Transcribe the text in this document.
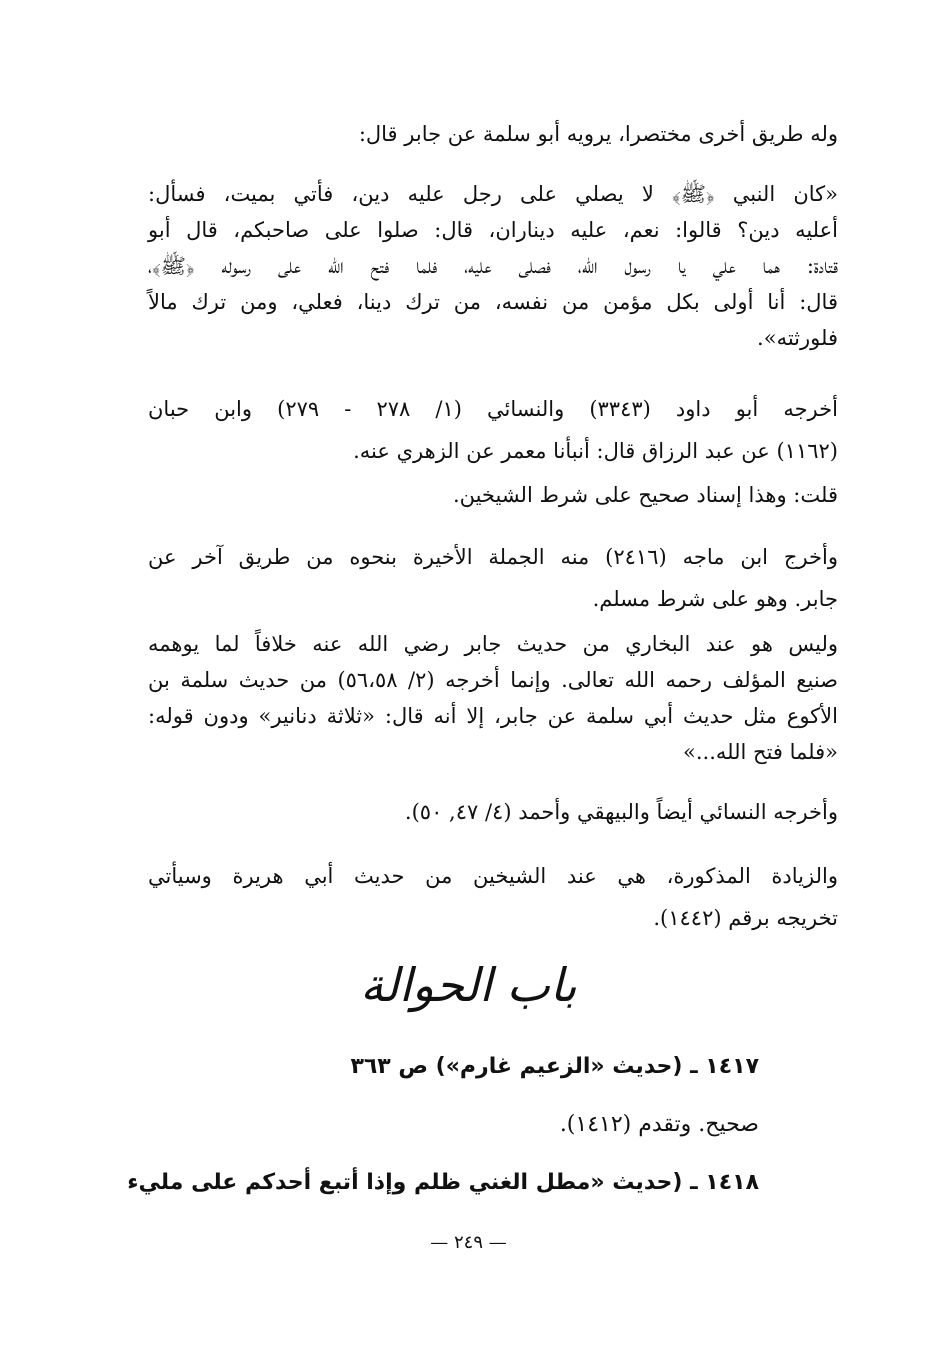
وله طريق أخرى مختصرا، يرويه أبو سلمة عن جابر قال:
«كان النبي ﴿ﷺ﴾ لا يصلي على رجل عليه دين، فأتي بميت، فسأل:
أعليه دين؟ قالوا: نعم، عليه ديناران، قال: صلوا على صاحبكم، قال أبو
قتادة: هما علي يا رسول الله، فصلى عليه، فلما فتح الله على رسوله ﴿ﷺ﴾،
قال: أنا أولى بكل مؤمن من نفسه، من ترك دينا، فعلي، ومن ترك مالاً
فلورثته».
أخرجه أبو داود (٣٣٤٣) والنسائي (١/ ٢٧٨ - ٢٧٩) وابن حبان
(١١٦٢) عن عبد الرزاق قال: أنبأنا معمر عن الزهري عنه.
قلت: وهذا إسناد صحيح على شرط الشيخين.
وأخرج ابن ماجه (٢٤١٦) منه الجملة الأخيرة بنحوه من طريق آخر عن
جابر. وهو على شرط مسلم.
وليس هو عند البخاري من حديث جابر رضي الله عنه خلافاً لما يوهمه
صنيع المؤلف رحمه الله تعالى. وإنما أخرجه (٢/ ٥٦،٥٨) من حديث سلمة بن
الأكوع مثل حديث أبي سلمة عن جابر، إلا أنه قال: «ثلاثة دنانير» ودون قوله:
«فلما فتح الله...»
وأخرجه النسائي أيضاً والبيهقي وأحمد (٤/ ٤٧, ٥٠).
والزيادة المذكورة، هي عند الشيخين من حديث أبي هريرة وسيأتي
تخريجه برقم (١٤٤٢).
باب الحوالة
١٤١٧ ـ (حديث «الزعيم غارم») ص ٣٦٣
صحيح. وتقدم (١٤١٢).
١٤١٨ ـ (حديث «مطل الغني ظلم وإذا أتبع أحدكم على مليء
— ٢٤٩ —
